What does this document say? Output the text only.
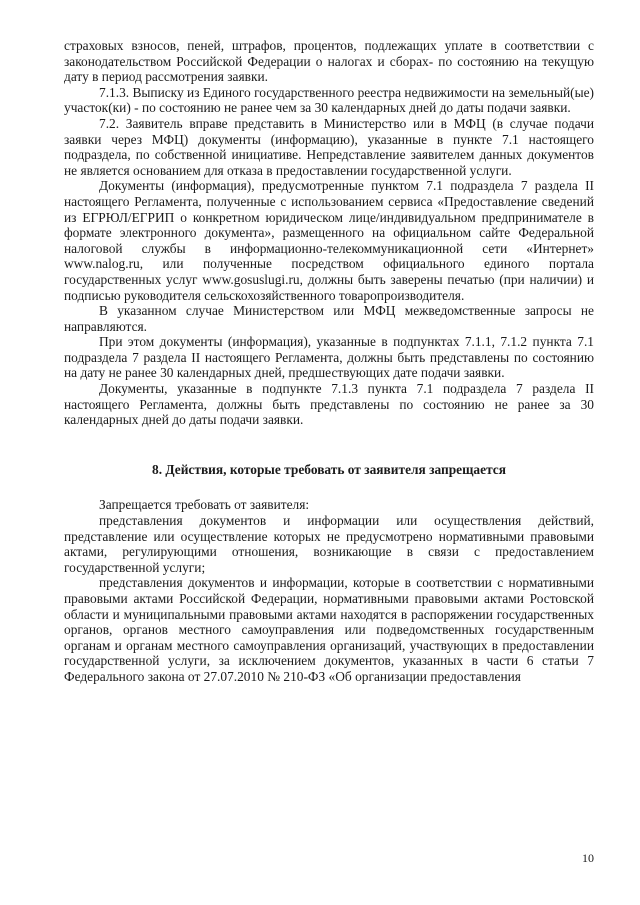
страховых взносов, пеней, штрафов, процентов, подлежащих уплате в соответствии с законодательством Российской Федерации о налогах и сборах- по состоянию на текущую дату в период рассмотрения заявки.

7.1.3. Выписку из Единого государственного реестра недвижимости на земельный(ые) участок(ки) - по состоянию не ранее чем за 30 календарных дней до даты подачи заявки.

7.2. Заявитель вправе представить в Министерство или в МФЦ (в случае подачи заявки через МФЦ) документы (информацию), указанные в пункте 7.1 настоящего подраздела, по собственной инициативе. Непредставление заявителем данных документов не является основанием для отказа в предоставлении государственной услуги.

Документы (информация), предусмотренные пунктом 7.1 подраздела 7 раздела II настоящего Регламента, полученные с использованием сервиса «Предоставление сведений из ЕГРЮЛ/ЕГРИП о конкретном юридическом лице/индивидуальном предпринимателе в формате электронного документа», размещенного на официальном сайте Федеральной налоговой службы в информационно-телекоммуникационной сети «Интернет» www.nalog.ru, или полученные посредством официального единого портала государственных услуг www.gosuslugi.ru, должны быть заверены печатью (при наличии) и подписью руководителя сельскохозяйственного товаропроизводителя.

В указанном случае Министерством или МФЦ межведомственные запросы не направляются.

При этом документы (информация), указанные в подпунктах 7.1.1, 7.1.2 пункта 7.1 подраздела 7 раздела II настоящего Регламента, должны быть представлены по состоянию на дату не ранее 30 календарных дней, предшествующих дате подачи заявки.

Документы, указанные в подпункте 7.1.3 пункта 7.1 подраздела 7 раздела II настоящего Регламента, должны быть представлены по состоянию не ранее за 30 календарных дней до даты подачи заявки.

8. Действия, которые требовать от заявителя запрещается

Запрещается требовать от заявителя:

представления документов и информации или осуществления действий, представление или осуществление которых не предусмотрено нормативными правовыми актами, регулирующими отношения, возникающие в связи с предоставлением государственной услуги;

представления документов и информации, которые в соответствии с нормативными правовыми актами Российской Федерации, нормативными правовыми актами Ростовской области и муниципальными правовыми актами находятся в распоряжении государственных органов, органов местного самоуправления или подведомственных государственным органам и органам местного самоуправления организаций, участвующих в предоставлении государственной услуги, за исключением документов, указанных в части 6 статьи 7 Федерального закона от 27.07.2010 № 210-ФЗ «Об организации предоставления

10
